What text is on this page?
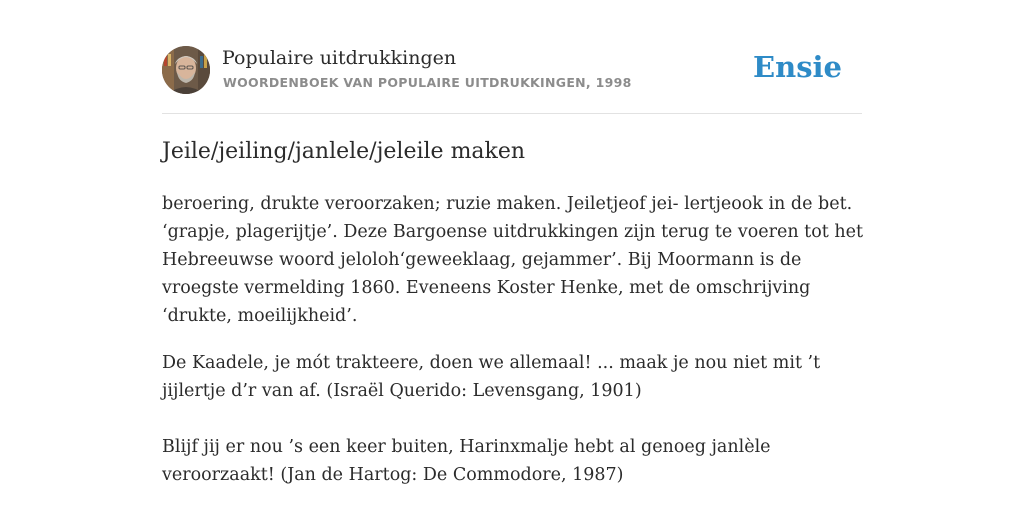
Populaire uitdrukkingen
WOORDENBOEK VAN POPULAIRE UITDRUKKINGEN, 1998	Ensie
Jeile/jeiling/janlele/jeleile maken

beroering, drukte veroorzaken; ruzie maken. Jeiletjeof jei- lertjeook in de bet. ‘grapje, plagerijtje’. Deze Bargoense uitdrukkingen zijn terug te voeren tot het Hebreeuwse woord jeloloh‘geweeklaag, gejammer’. Bij Moormann is de vroegste vermelding 1860. Eveneens Koster Henke, met de omschrijving ‘drukte, moeilijkheid’.

De Kaadele, je mót trakteere, doen we allemaal! ... maak je nou niet mit ’t jijlertje d’r van af. (Israël Querido: Levensgang, 1901)

Blijf jij er nou ’s een keer buiten, Harinxmalje hebt al genoeg janlèle veroorzaakt! (Jan de Hartog: De Commodore, 1987)
